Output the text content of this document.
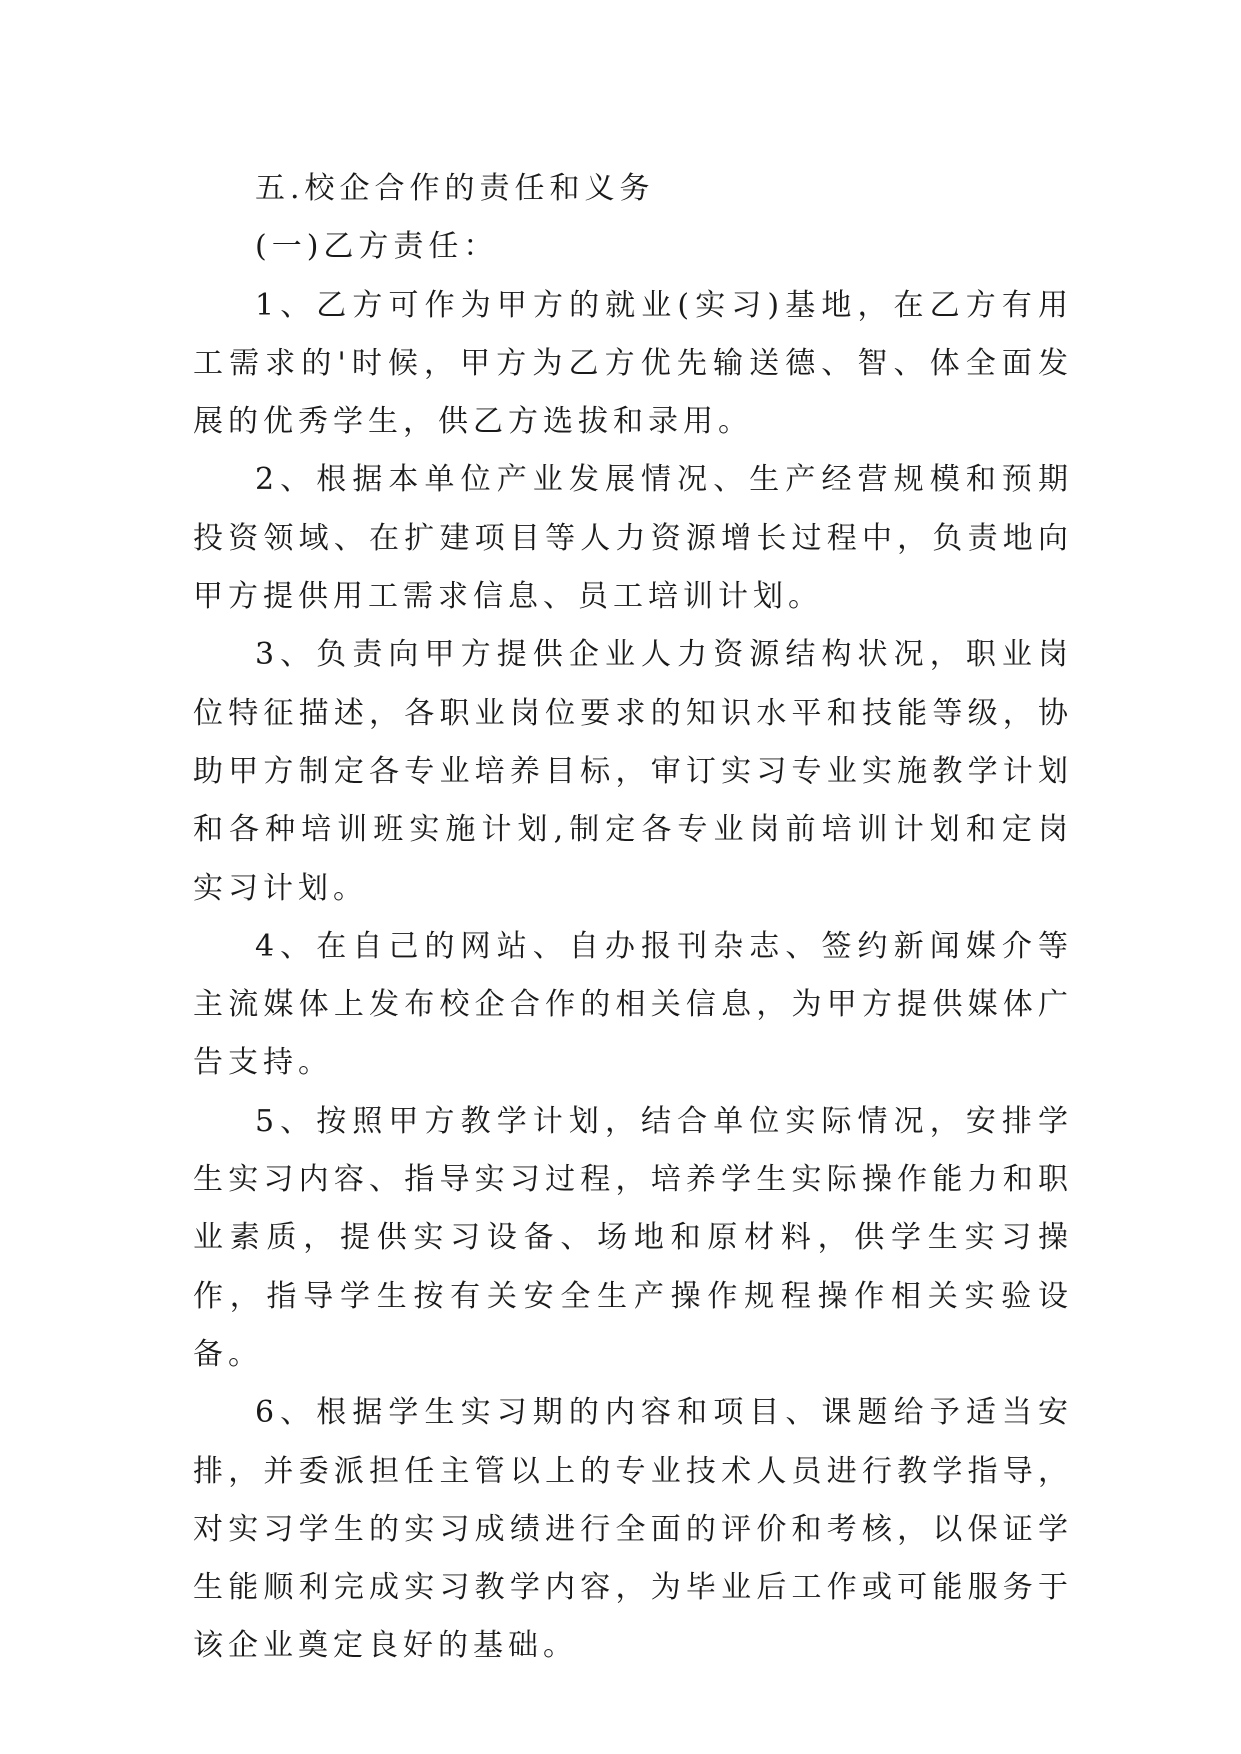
五.校企合作的责任和义务

(一)乙方责任：

1、乙方可作为甲方的就业(实习)基地，在乙方有用工需求的'时候，甲方为乙方优先输送德、智、体全面发展的优秀学生，供乙方选拔和录用。

2、根据本单位产业发展情况、生产经营规模和预期投资领域、在扩建项目等人力资源增长过程中，负责地向甲方提供用工需求信息、员工培训计划。

3、负责向甲方提供企业人力资源结构状况，职业岗位特征描述，各职业岗位要求的知识水平和技能等级，协助甲方制定各专业培养目标，审订实习专业实施教学计划和各种培训班实施计划,制定各专业岗前培训计划和定岗实习计划。

4、在自己的网站、自办报刊杂志、签约新闻媒介等主流媒体上发布校企合作的相关信息，为甲方提供媒体广告支持。

5、按照甲方教学计划，结合单位实际情况，安排学生实习内容、指导实习过程，培养学生实际操作能力和职业素质，提供实习设备、场地和原材料，供学生实习操作，指导学生按有关安全生产操作规程操作相关实验设备。

6、根据学生实习期的内容和项目、课题给予适当安排，并委派担任主管以上的专业技术人员进行教学指导，对实习学生的实习成绩进行全面的评价和考核，以保证学生能顺利完成实习教学内容，为毕业后工作或可能服务于该企业奠定良好的基础。
